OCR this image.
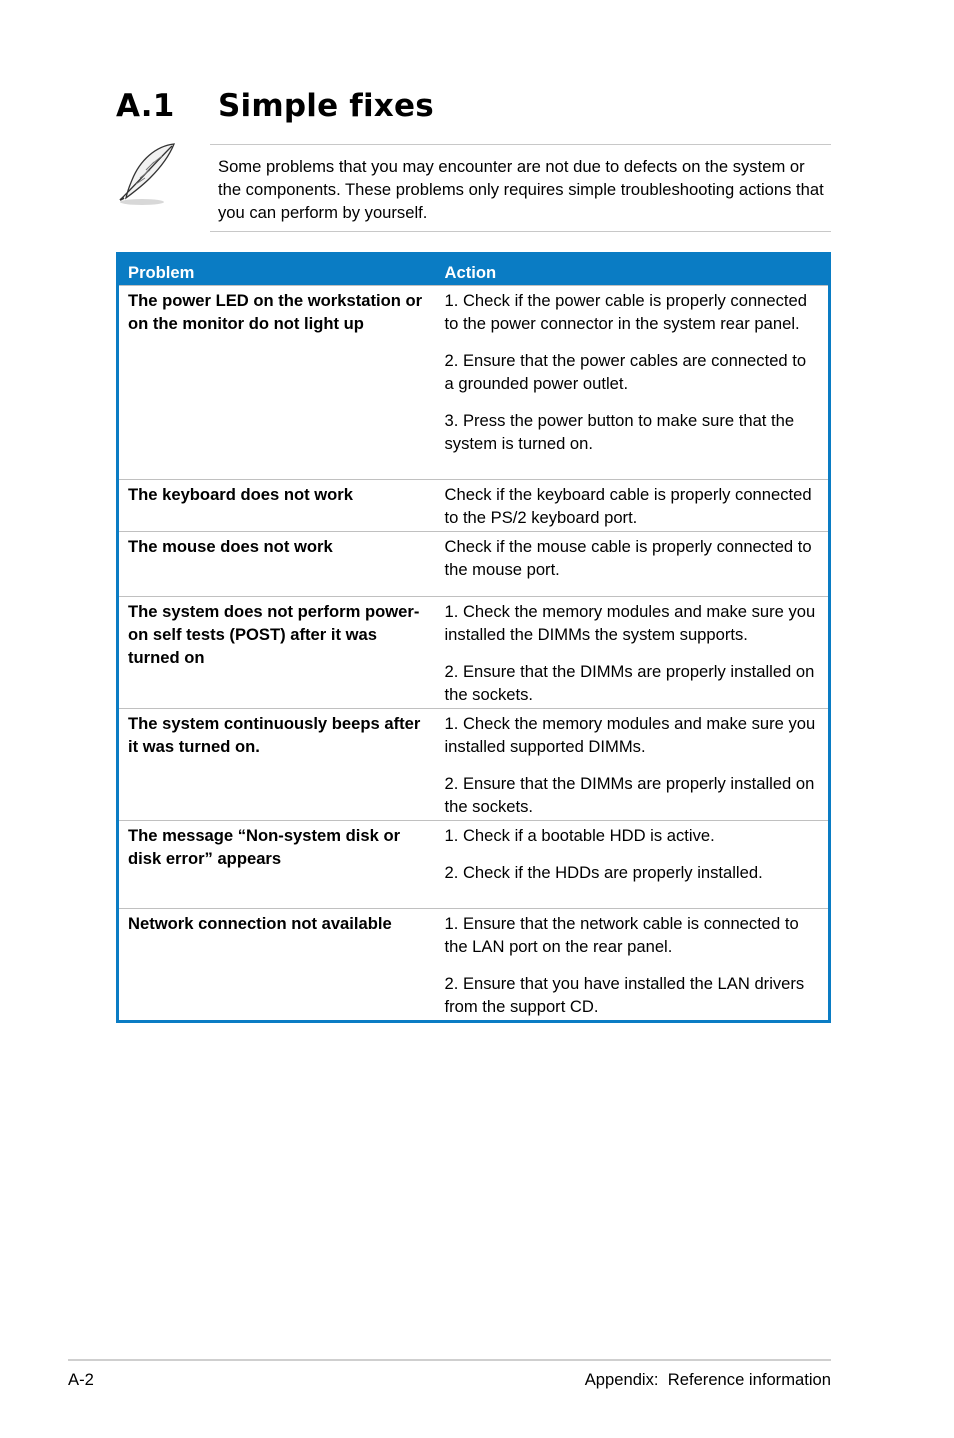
A.1 Simple fixes
Some problems that you may encounter are not due to defects on the system or the components. These problems only requires simple troubleshooting actions that you can perform by yourself.
Problem	Action
The power LED on the workstation or on the monitor do not light up	1. Check if the power cable is properly connected to the power connector in the system rear panel.

2. Ensure that the power cables are connected to a grounded power outlet.

3. Press the power button to make sure that the system is turned on.

The keyboard does not work	Check if the keyboard cable is properly connected to the PS/2 keyboard port.

The mouse does not work	Check if the mouse cable is properly connected to the mouse port.

The system does not perform power-on self tests (POST) after it was turned on	1. Check the memory modules and make sure you installed the DIMMs the system supports.

2. Ensure that the DIMMs are properly installed on the sockets.

The system continuously beeps after it was turned on.	1. Check the memory modules and make sure you installed supported DIMMs.

2. Ensure that the DIMMs are properly installed on the sockets.

The message “Non-system disk or disk error” appears	1. Check if a bootable HDD is active.

2. Check if the HDDs are properly installed.

Network connection not available	1. Ensure that the network cable is connected to the LAN port on the rear panel.

2. Ensure that you have installed the LAN drivers from the support CD.

A-2	Appendix:  Reference information
